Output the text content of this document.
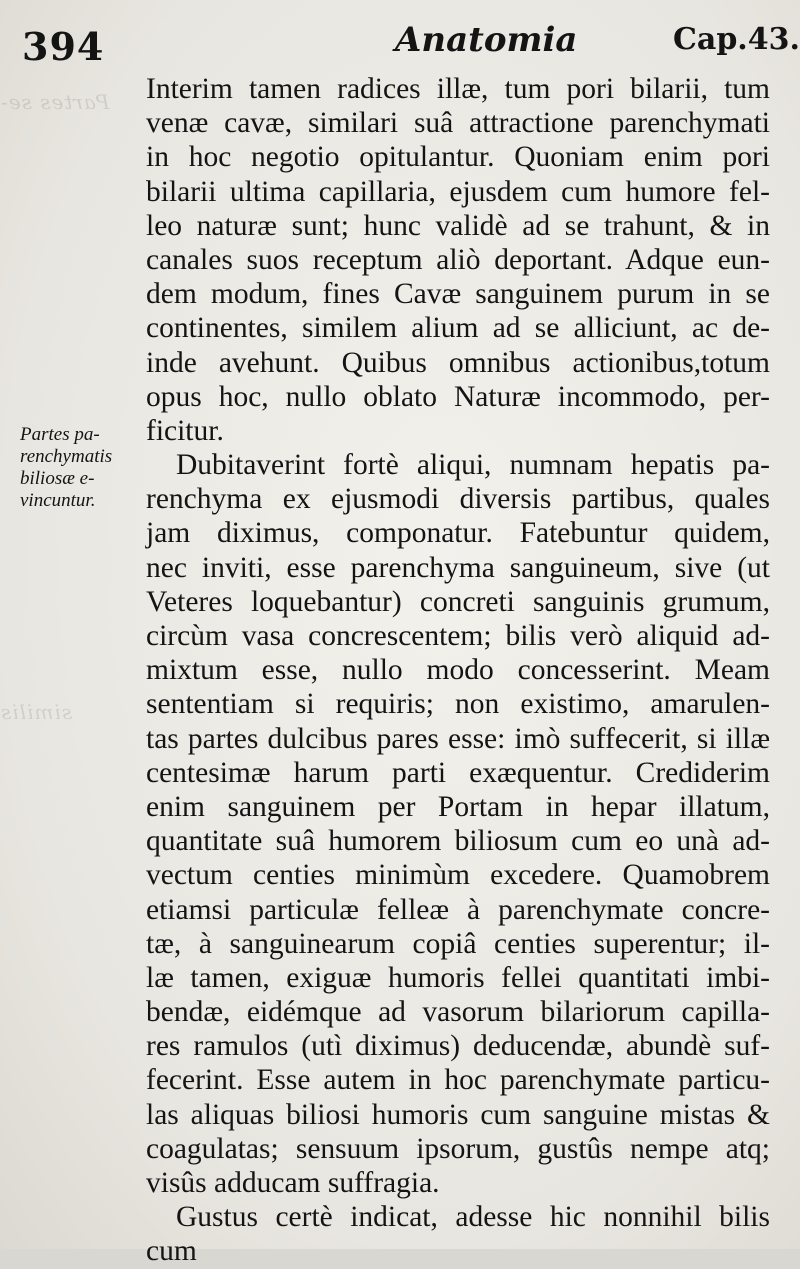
Partes se-
similis
394	Anatomia	Cap.43.
Partes pa-
renchymatis
biliosæ e-
vincuntur.
Interim tamen radices illæ, tum pori bilarii, tum
venæ cavæ, similari suâ attractione parenchymati
in hoc negotio opitulantur. Quoniam enim pori
bilarii ultima capillaria, ejusdem cum humore fel-
leo naturæ sunt; hunc validè ad se trahunt, & in
canales suos receptum aliò deportant. Adque eun-
dem modum, fines Cavæ sanguinem purum in se
continentes, similem alium ad se alliciunt, ac de-
inde avehunt. Quibus omnibus actionibus,totum
opus hoc, nullo oblato Naturæ incommodo, per-
ficitur.
Dubitaverint fortè aliqui, numnam hepatis pa-
renchyma ex ejusmodi diversis partibus, quales
jam diximus, componatur. Fatebuntur quidem,
nec inviti, esse parenchyma sanguineum, sive (ut
Veteres loquebantur) concreti sanguinis grumum,
circùm vasa concrescentem; bilis verò aliquid ad-
mixtum esse, nullo modo concesserint. Meam
sententiam si requiris; non existimo, amarulen-
tas partes dulcibus pares esse: imò suffecerit, si illæ
centesimæ harum parti exæquentur. Crediderim
enim sanguinem per Portam in hepar illatum,
quantitate suâ humorem biliosum cum eo unà ad-
vectum centies minimùm excedere. Quamobrem
etiamsi particulæ felleæ à parenchymate concre-
tæ, à sanguinearum copiâ centies superentur; il-
læ tamen, exiguæ humoris fellei quantitati imbi-
bendæ, eidémque ad vasorum bilariorum capilla-
res ramulos (utì diximus) deducendæ, abundè suf-
fecerint. Esse autem in hoc parenchymate particu-
las aliquas biliosi humoris cum sanguine mistas &
coagulatas; sensuum ipsorum, gustûs nempe atq;
visûs adducam suffragia.
Gustus certè indicat, adesse hic nonnihil bilis
cum
